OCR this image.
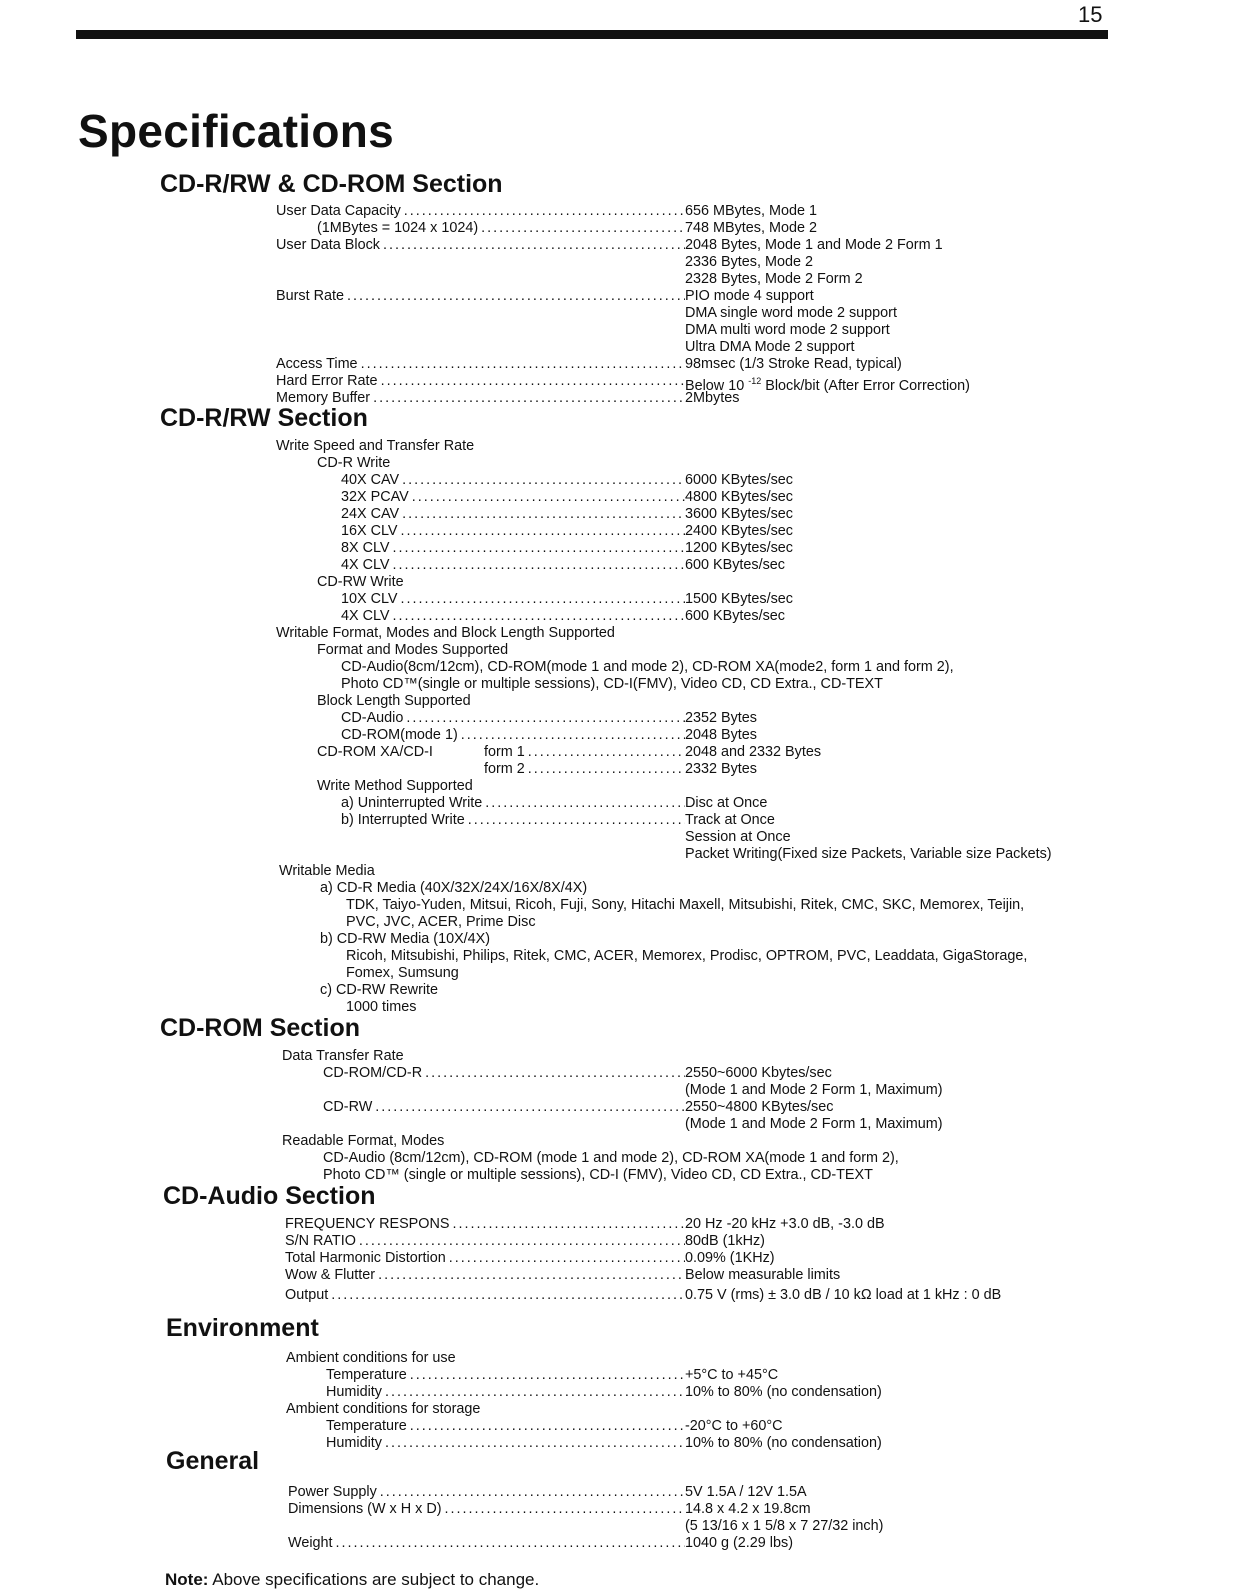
15
Specifications
CD-R/RW & CD-ROM Section
User Data Capacity . . .	656 MBytes, Mode 1
(1MBytes = 1024 x 1024) . . .	748 MBytes, Mode 2
User Data Block . . .	2048 Bytes, Mode 1 and Mode 2 Form 1
2336 Bytes, Mode 2
2328 Bytes, Mode 2 Form 2
Burst Rate . . .	PIO mode 4 support
DMA single word mode 2 support
DMA multi word mode 2 support
Ultra DMA Mode 2 support
Access Time . . .	98msec (1/3 Stroke Read, typical)
Hard Error Rate . . .	Below 10 $^{-12}$ Block/bit (After Error Correction)
Memory Buffer . . .	2Mbytes
CD-R/RW Section
Write Speed and Transfer Rate
CD-R Write
40X CAV . . .	6000 KBytes/sec
32X PCAV . . .	4800 KBytes/sec
24X CAV . . .	3600 KBytes/sec
16X CLV . . .	2400 KBytes/sec
8X CLV . . .	1200 KBytes/sec
4X CLV . . .	600 KBytes/sec
CD-RW Write
10X CLV . . .	1500 KBytes/sec
4X CLV . . .	600 KBytes/sec
Writable Format, Modes and Block Length Supported
Format and Modes Supported
CD-Audio(8cm/12cm), CD-ROM(mode 1 and mode 2), CD-ROM XA(mode2, form 1 and form 2),
Photo CD™(single or multiple sessions), CD-I(FMV), Video CD, CD Extra., CD-TEXT
Block Length Supported
CD-Audio . . .	2352 Bytes
CD-ROM(mode 1) . . .	2048 Bytes
CD-ROM XA/CD-I	form 1 . . .	2048 and 2332 Bytes
form 2 . . .	2332 Bytes
Write Method Supported
a) Uninterrupted Write . . .	Disc at Once
b) Interrupted Write . . .	Track at Once
Session at Once
Packet Writing(Fixed size Packets, Variable size Packets)
Writable Media
a) CD-R Media (40X/32X/24X/16X/8X/4X)
TDK, Taiyo-Yuden, Mitsui, Ricoh, Fuji, Sony, Hitachi Maxell, Mitsubishi, Ritek, CMC, SKC, Memorex, Teijin,
PVC, JVC, ACER, Prime Disc
b) CD-RW Media (10X/4X)
Ricoh, Mitsubishi, Philips, Ritek, CMC, ACER, Memorex, Prodisc, OPTROM, PVC, Leaddata, GigaStorage,
Fomex, Sumsung
c) CD-RW Rewrite
1000 times
CD-ROM Section
Data Transfer Rate
CD-ROM/CD-R . . .	2550~6000 Kbytes/sec
(Mode 1 and Mode 2 Form 1, Maximum)
CD-RW . . .	2550~4800 KBytes/sec
(Mode 1 and Mode 2 Form 1, Maximum)
Readable Format, Modes
CD-Audio (8cm/12cm), CD-ROM (mode 1 and mode 2), CD-ROM XA(mode 1 and form 2),
Photo CD™ (single or multiple sessions), CD-I (FMV), Video CD, CD Extra., CD-TEXT
CD-Audio Section
FREQUENCY RESPONS . . .	20 Hz -20 kHz +3.0 dB, -3.0 dB
S/N RATIO . . .	80dB (1kHz)
Total Harmonic Distortion . . .	0.09% (1KHz)
Wow & Flutter . . .	Below measurable limits
Output . . .	0.75 V (rms) ± 3.0 dB / 10 kΩ load at 1 kHz : 0 dB
Environment
Ambient conditions for use
Temperature . . .	+5°C to +45°C
Humidity . . .	10% to 80% (no condensation)
Ambient conditions for storage
Temperature . . .	-20°C to +60°C
Humidity . . .	10% to 80% (no condensation)
General
Power Supply . . .	5V 1.5A / 12V 1.5A
Dimensions (W x H x D) . . .	14.8 x 4.2 x 19.8cm
(5 13/16 x 1 5/8 x 7 27/32 inch)
Weight . . .	1040 g (2.29 lbs)
Note: Above specifications are subject to change.
